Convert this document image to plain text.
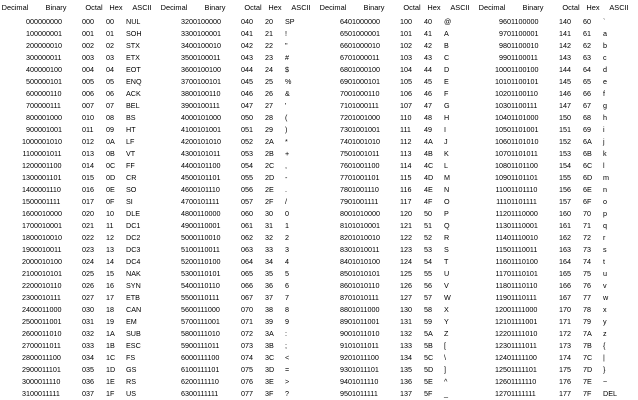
Decimal	Binary	Octal	Hex	ASCII
0	00000000	000	00	NUL
1	00000001	001	01	SOH
2	00000010	002	02	STX
3	00000011	003	03	ETX
4	00000100	004	04	EOT
5	00000101	005	05	ENQ
6	00000110	006	06	ACK
7	00000111	007	07	BEL
8	00001000	010	08	BS
9	00001001	011	09	HT
10	00001010	012	0A	LF
11	00001011	013	0B	VT
12	00001100	014	0C	FF
13	00001101	015	0D	CR
14	00001110	016	0E	SO
15	00001111	017	0F	SI
16	00010000	020	10	DLE
17	00010001	021	11	DC1
18	00010010	022	12	DC2
19	00010011	023	13	DC3
20	00010100	024	14	DC4
21	00010101	025	15	NAK
22	00010110	026	16	SYN
23	00010111	027	17	ETB
24	00011000	030	18	CAN
25	00011001	031	19	EM
26	00011010	032	1A	SUB
27	00011011	033	1B	ESC
28	00011100	034	1C	FS
29	00011101	035	1D	GS
30	00011110	036	1E	RS
31	00011111	037	1F	US
Decimal	Binary	Octal	Hex	ASCII
32	00100000	040	20	SP
33	00100001	041	21	!
34	00100010	042	22	"
35	00100011	043	23	#
36	00100100	044	24	$
37	00100101	045	25	%
38	00100110	046	26	&
39	00100111	047	27	'
40	00101000	050	28	(
41	00101001	051	29	)
42	00101010	052	2A	*
43	00101011	053	2B	+
44	00101100	054	2C	,
45	00101101	055	2D	-
46	00101110	056	2E	.
47	00101111	057	2F	/
48	00110000	060	30	0
49	00110001	061	31	1
50	00110010	062	32	2
51	00110011	063	33	3
52	00110100	064	34	4
53	00110101	065	35	5
54	00110110	066	36	6
55	00110111	067	37	7
56	00111000	070	38	8
57	00111001	071	39	9
58	00111010	072	3A	:
59	00111011	073	3B	;
60	00111100	074	3C	<
61	00111101	075	3D	=
62	00111110	076	3E	>
63	00111111	077	3F	?
Decimal	Binary	Octal	Hex	ASCII
64	01000000	100	40	@
65	01000001	101	41	A
66	01000010	102	42	B
67	01000011	103	43	C
68	01000100	104	44	D
69	01000101	105	45	E
70	01000110	106	46	F
71	01000111	107	47	G
72	01001000	110	48	H
73	01001001	111	49	I
74	01001010	112	4A	J
75	01001011	113	4B	K
76	01001100	114	4C	L
77	01001101	115	4D	M
78	01001110	116	4E	N
79	01001111	117	4F	O
80	01010000	120	50	P
81	01010001	121	51	Q
82	01010010	122	52	R
83	01010011	123	53	S
84	01010100	124	54	T
85	01010101	125	55	U
86	01010110	126	56	V
87	01010111	127	57	W
88	01011000	130	58	X
89	01011001	131	59	Y
90	01011010	132	5A	Z
91	01011011	133	5B	[
92	01011100	134	5C	\
93	01011101	135	5D	]
94	01011110	136	5E	^
95	01011111	137	5F	_
Decimal	Binary	Octal	Hex	ASCII
96	01100000	140	60	`
97	01100001	141	61	a
98	01100010	142	62	b
99	01100011	143	63	c
100	01100100	144	64	d
101	01100101	145	65	e
102	01100110	146	66	f
103	01100111	147	67	g
104	01101000	150	68	h
105	01101001	151	69	i
106	01101010	152	6A	j
107	01101011	153	6B	k
108	01101100	154	6C	l
109	01101101	155	6D	m
110	01101110	156	6E	n
111	01101111	157	6F	o
112	01110000	160	70	p
113	01110001	161	71	q
114	01110010	162	72	r
115	01110011	163	73	s
116	01110100	164	74	t
117	01110101	165	75	u
118	01110110	166	76	v
119	01110111	167	77	w
120	01111000	170	78	x
121	01111001	171	79	y
122	01111010	172	7A	z
123	01111011	173	7B	{
124	01111100	174	7C	|
125	01111101	175	7D	}
126	01111110	176	7E	~
127	01111111	177	7F	DEL
